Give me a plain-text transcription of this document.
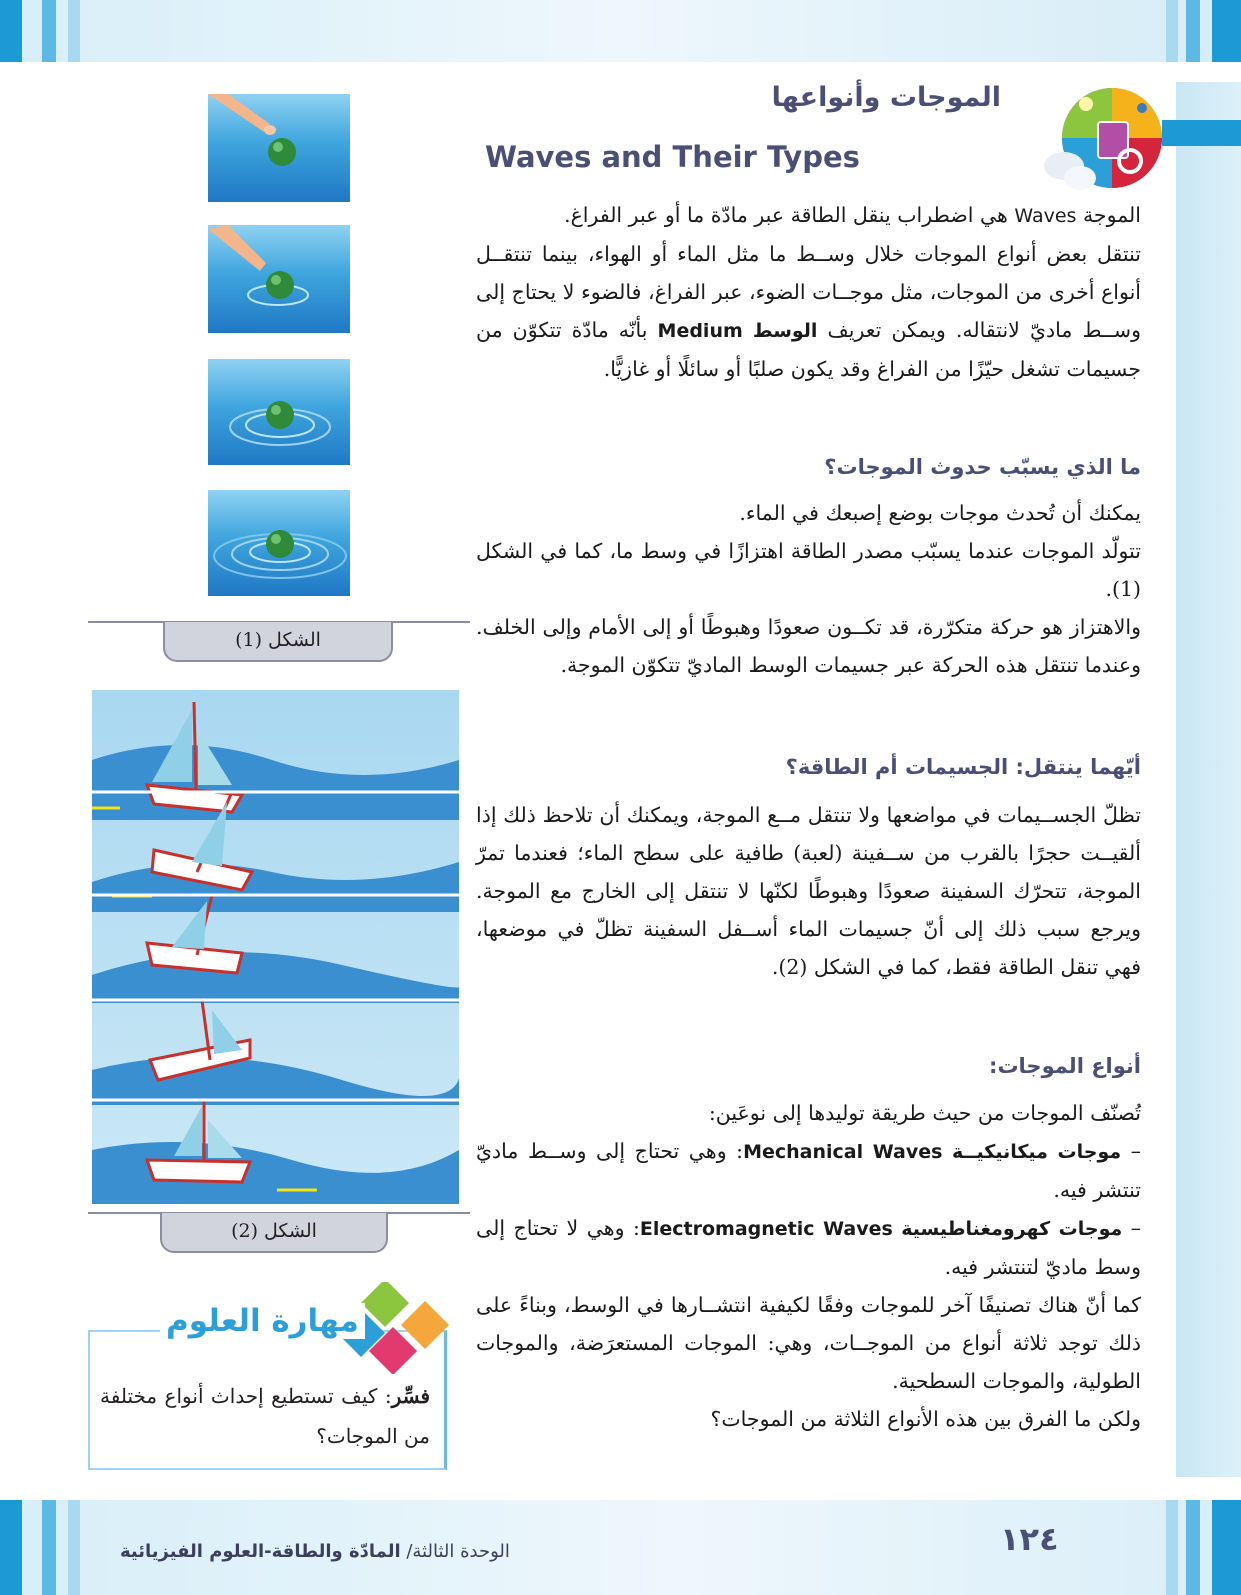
الموجات وأنواعها
Waves and Their Types

الموجة Waves هي اضطراب ينقل الطاقة عبر مادّة ما أو عبر الفراغ.

تنتقل بعض أنواع الموجات خلال وســط ما مثل الماء أو الهواء، بينما تنتقــل أنواع أخرى من الموجات، مثل موجــات الضوء، عبر الفراغ، فالضوء لا يحتاج إلى وســط ماديّ لانتقاله. ويمكن تعريف الوسط Medium بأنّه مادّة تتكوّن من جسيمات تشغل حيّزًا من الفراغ وقد يكون صلبًا أو سائلًا أو غازيًّا.

ما الذي يسبّب حدوث الموجات؟

يمكنك أن تُحدث موجات بوضع إصبعك في الماء.

تتولّد الموجات عندما يسبّب مصدر الطاقة اهتزازًا في وسط ما، كما في الشكل (1).

والاهتزاز هو حركة متكرّرة، قد تكــون صعودًا وهبوطًا أو إلى الأمام وإلى الخلف. وعندما تنتقل هذه الحركة عبر جسيمات الوسط الماديّ تتكوّن الموجة.

أيّهما ينتقل: الجسيمات أم الطاقة؟

تظلّ الجســيمات في مواضعها ولا تنتقل مــع الموجة، ويمكنك أن تلاحظ ذلك إذا ألقيــت حجرًا بالقرب من ســفينة (لعبة) طافية على سطح الماء؛ فعندما تمرّ الموجة، تتحرّك السفينة صعودًا وهبوطًا لكنّها لا تنتقل إلى الخارج مع الموجة. ويرجع سبب ذلك إلى أنّ جسيمات الماء أســفل السفينة تظلّ في موضعها، فهي تنقل الطاقة فقط، كما في الشكل (2).

أنواع الموجات:

تُصنّف الموجات من حيث طريقة توليدها إلى نوعَين:

– موجات ميكانيكيــة Mechanical Waves: وهي تحتاج إلى وســط ماديّ تنتشر فيه.

– موجات كهرومغناطيسية Electromagnetic Waves: وهي لا تحتاج إلى وسط ماديّ لتنتشر فيه.

كما أنّ هناك تصنيفًا آخر للموجات وفقًا لكيفية انتشــارها في الوسط، وبناءً على ذلك توجد ثلاثة أنواع من الموجــات، وهي: الموجات المستعرَضة، والموجات الطولية، والموجات السطحية.

ولكن ما الفرق بين هذه الأنواع الثلاثة من الموجات؟

الشكل (1)
الشكل (2)
مهارة العلوم
فسِّر: كيف تستطيع إحداث أنواع مختلفة من الموجات؟
١٢٤
الوحدة الثالثة/ المادّة والطاقة-العلوم الفيزيائية
